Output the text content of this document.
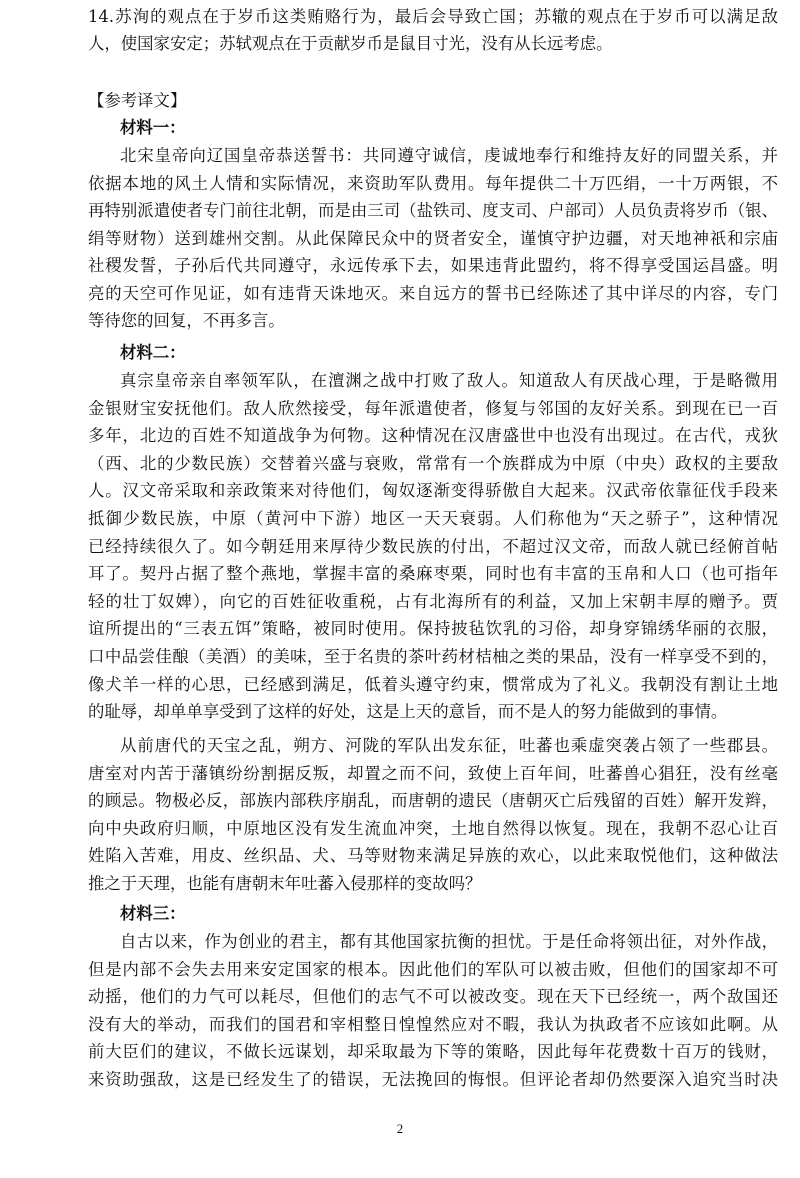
14.苏洵的观点在于岁币这类贿赂行为，最后会导致亡国；苏辙的观点在于岁币可以满足敌
人，使国家安定；苏轼观点在于贡献岁币是鼠目寸光，没有从长远考虑。
【参考译文】
材料一：
北宋皇帝向辽国皇帝恭送誓书：共同遵守诚信，虔诚地奉行和维持友好的同盟关系，并
依据本地的风土人情和实际情况，来资助军队费用。每年提供二十万匹绢，一十万两银，不
再特别派遣使者专门前往北朝，而是由三司（盐铁司、度支司、户部司）人员负责将岁币（银、
绢等财物）送到雄州交割。从此保障民众中的贤者安全，谨慎守护边疆，对天地神祇和宗庙
社稷发誓，子孙后代共同遵守，永远传承下去，如果违背此盟约，将不得享受国运昌盛。明
亮的天空可作见证，如有违背天诛地灭。来自远方的誓书已经陈述了其中详尽的内容，专门
等待您的回复，不再多言。
材料二：
真宗皇帝亲自率领军队，在澶渊之战中打败了敌人。知道敌人有厌战心理，于是略微用
金银财宝安抚他们。敌人欣然接受，每年派遣使者，修复与邻国的友好关系。到现在已一百
多年，北边的百姓不知道战争为何物。这种情况在汉唐盛世中也没有出现过。在古代，戎狄
（西、北的少数民族）交替着兴盛与衰败，常常有一个族群成为中原（中央）政权的主要敌
人。汉文帝采取和亲政策来对待他们，匈奴逐渐变得骄傲自大起来。汉武帝依靠征伐手段来
抵御少数民族，中原（黄河中下游）地区一天天衰弱。人们称他为“天之骄子”，这种情况
已经持续很久了。如今朝廷用来厚待少数民族的付出，不超过汉文帝，而敌人就已经俯首帖
耳了。契丹占据了整个燕地，掌握丰富的桑麻枣栗，同时也有丰富的玉帛和人口（也可指年
轻的壮丁奴婢），向它的百姓征收重税，占有北海所有的利益，又加上宋朝丰厚的赠予。贾
谊所提出的“三表五饵”策略，被同时使用。保持披毡饮乳的习俗，却身穿锦绣华丽的衣服，
口中品尝佳酿（美酒）的美味，至于名贵的茶叶药材桔柚之类的果品，没有一样享受不到的，
像犬羊一样的心思，已经感到满足，低着头遵守约束，惯常成为了礼义。我朝没有割让土地
的耻辱，却单单享受到了这样的好处，这是上天的意旨，而不是人的努力能做到的事情。
从前唐代的天宝之乱，朔方、河陇的军队出发东征，吐蕃也乘虚突袭占领了一些郡县。
唐室对内苦于藩镇纷纷割据反叛，却置之而不问，致使上百年间，吐蕃兽心猖狂，没有丝毫
的顾忌。物极必反，部族内部秩序崩乱，而唐朝的遗民（唐朝灭亡后残留的百姓）解开发辫，
向中央政府归顺，中原地区没有发生流血冲突，土地自然得以恢复。现在，我朝不忍心让百
姓陷入苦难，用皮、丝织品、犬、马等财物来满足异族的欢心，以此来取悦他们，这种做法
推之于天理，也能有唐朝末年吐蕃入侵那样的变故吗？
材料三：
自古以来，作为创业的君主，都有其他国家抗衡的担忧。于是任命将领出征，对外作战，
但是内部不会失去用来安定国家的根本。因此他们的军队可以被击败，但他们的国家却不可
动摇，他们的力气可以耗尽，但他们的志气不可以被改变。现在天下已经统一，两个敌国还
没有大的举动，而我们的国君和宰相整日惶惶然应对不暇，我认为执政者不应该如此啊。从
前大臣们的建议，不做长远谋划，却采取最为下等的策略，因此每年花费数十百万的钱财，
来资助强敌，这是已经发生了的错误，无法挽回的悔恨。但评论者却仍然要深入追究当时决
2
